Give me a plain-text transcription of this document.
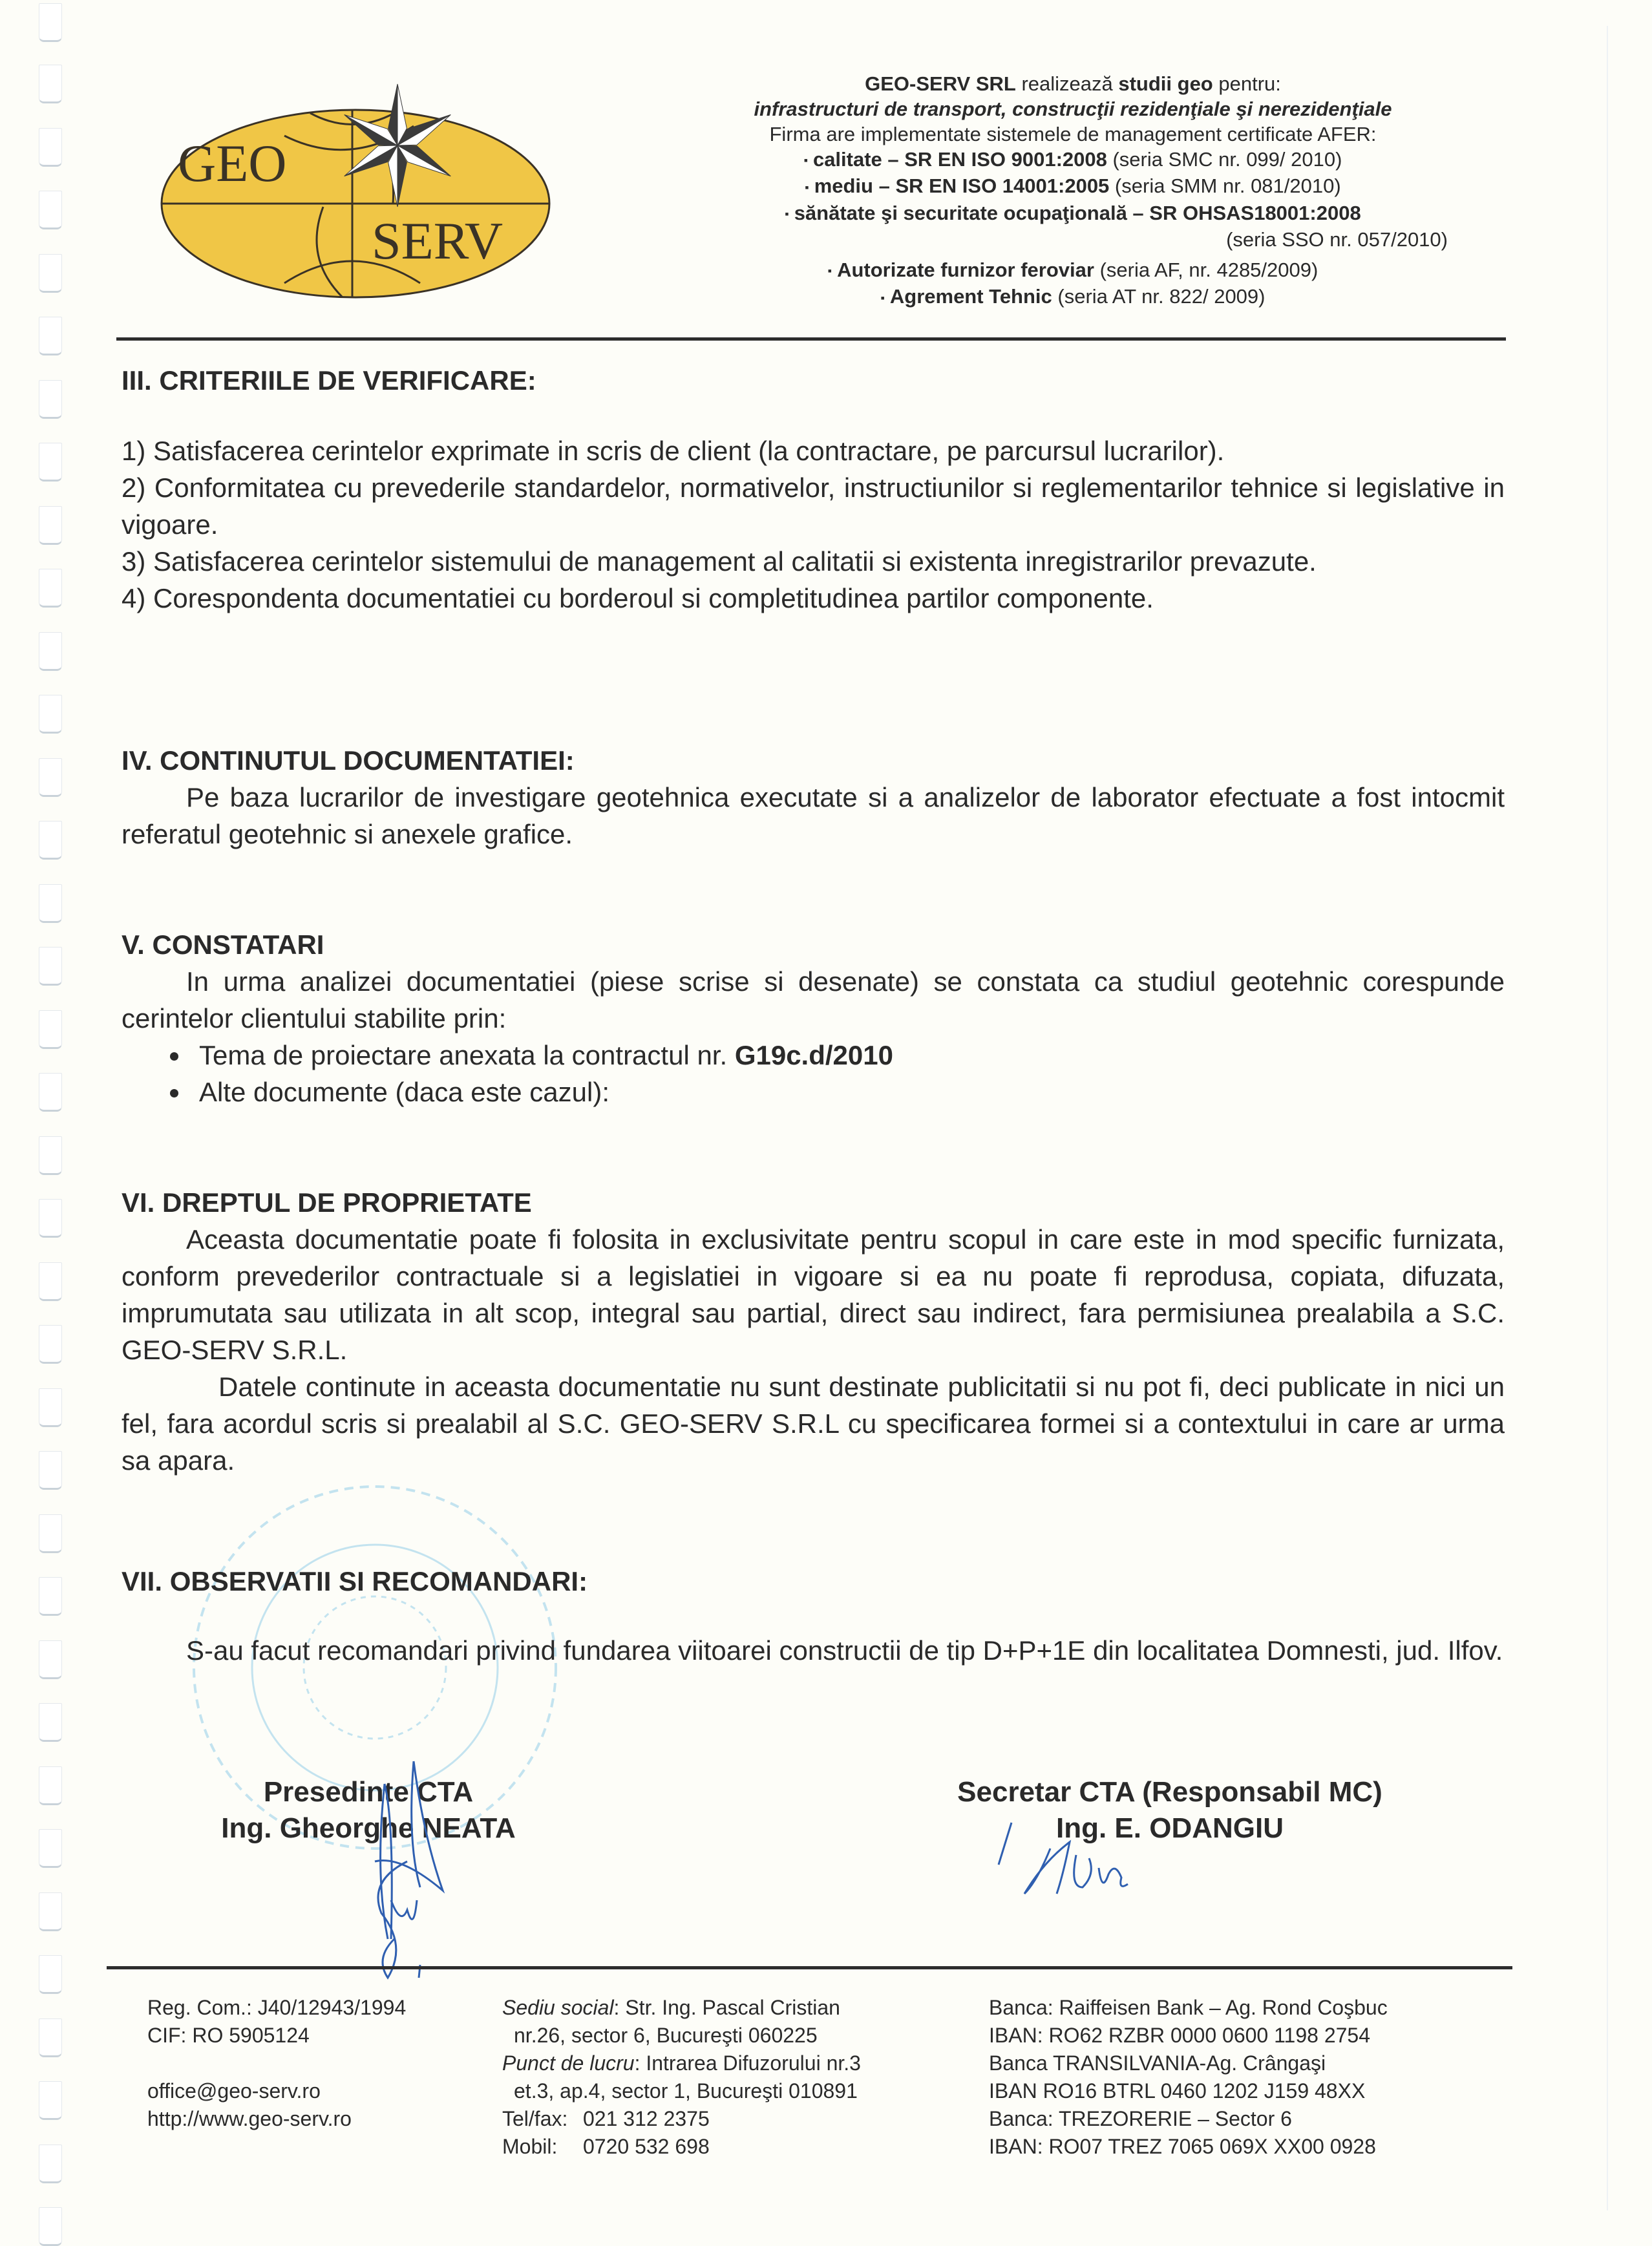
GEO
SERV
GEO-SERV SRL realizează studii geo pentru:
infrastructuri de transport, construcţii rezidenţiale şi nerezidenţiale
Firma are implementate sistemele de management certificate AFER:
▪ calitate – SR EN ISO 9001:2008 (seria SMC nr. 099/ 2010)
▪ mediu – SR EN ISO 14001:2005 (seria SMM nr. 081/2010)
▪ sănătate şi securitate ocupaţională – SR OHSAS18001:2008
(seria SSO nr. 057/2010)
▪ Autorizate furnizor feroviar (seria AF, nr. 4285/2009)
▪ Agrement Tehnic (seria AT nr. 822/ 2009)
III. CRITERIILE DE VERIFICARE:

1) Satisfacerea cerintelor exprimate in scris de client (la contractare, pe parcursul lucrarilor).

2) Conformitatea cu prevederile standardelor, normativelor, instructiunilor si reglementarilor tehnice si legislative in vigoare.

3) Satisfacerea cerintelor sistemului de management al calitatii si existenta inregistrarilor prevazute.

4) Corespondenta documentatiei cu borderoul si completitudinea partilor componente.

IV. CONTINUTUL DOCUMENTATIEI:

Pe baza lucrarilor de investigare geotehnica executate si a analizelor de laborator efectuate a fost intocmit referatul geotehnic si anexele grafice.

V. CONSTATARI

In urma analizei documentatiei (piese scrise si desenate) se constata ca studiul geotehnic corespunde cerintelor clientului stabilite prin:

Tema de proiectare anexata la contractul nr. G19c.d/2010
Alte documente (daca este cazul):
VI. DREPTUL DE PROPRIETATE

Aceasta documentatie poate fi folosita in exclusivitate pentru scopul in care este in mod specific furnizata, conform prevederilor contractuale si a legislatiei in vigoare si ea nu poate fi reprodusa, copiata, difuzata, imprumutata sau utilizata in alt scop, integral sau partial, direct sau indirect, fara permisiunea prealabila a S.C. GEO-SERV S.R.L.

Datele continute in aceasta documentatie nu sunt destinate publicitatii si nu pot fi, deci publicate in nici un fel, fara acordul scris si prealabil al S.C. GEO-SERV S.R.L cu specificarea formei si a contextului in care ar urma sa apara.

VII. OBSERVATII SI RECOMANDARI:

S-au facut recomandari privind fundarea viitoarei constructii de tip D+P+1E din localitatea Domnesti, jud. Ilfov.

Presedinte CTA
Ing. Gheorghe NEATA
Secretar CTA (Responsabil MC)
Ing. E. ODANGIU
Reg. Com.: J40/12943/1994
CIF: RO 5905124
office@geo-serv.ro
http://www.geo-serv.ro
Sediu social: Str. Ing. Pascal Cristian
nr.26, sector 6, Bucureşti 060225
Punct de lucru: Intrarea Difuzorului nr.3
et.3, ap.4, sector 1, Bucureşti 010891
Tel/fax: 021 312 2375
Mobil: 0720 532 698
Banca: Raiffeisen Bank – Ag. Rond Coşbuc
IBAN: RO62 RZBR 0000 0600 1198 2754
Banca TRANSILVANIA-Ag. Crângaşi
IBAN RO16 BTRL 0460 1202 J159 48XX
Banca: TREZORERIE – Sector 6
IBAN: RO07 TREZ 7065 069X XX00 0928
